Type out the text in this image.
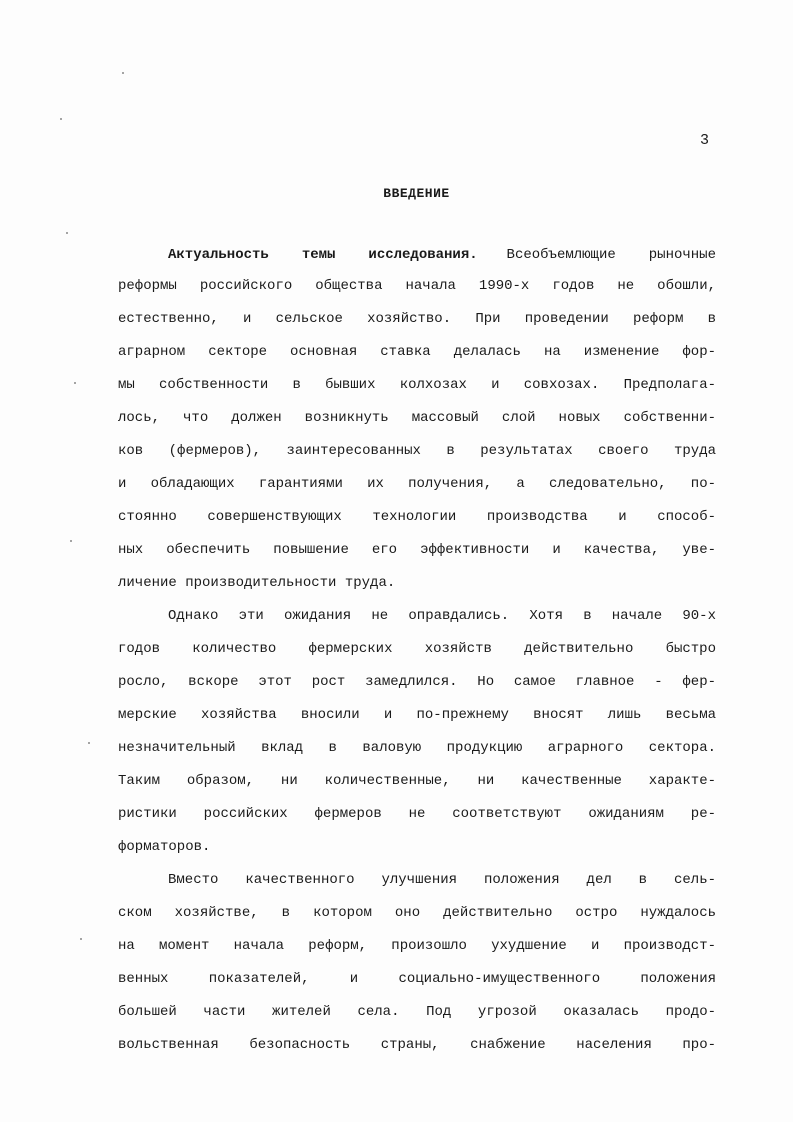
3
ВВЕДЕНИЕ
Актуальность темы исследования. Всеобъемлющие рыночные
реформы российского общества начала 1990-х годов не обошли,
естественно, и сельское хозяйство. При проведении реформ в
аграрном секторе основная ставка делалась на изменение фор-
мы собственности в бывших колхозах и совхозах. Предполага-
лось, что должен возникнуть массовый слой новых собственни-
ков (фермеров), заинтересованных в результатах своего труда
и обладающих гарантиями их получения, а следовательно, по-
стоянно совершенствующих технологии производства и способ-
ных обеспечить повышение его эффективности и качества, уве-
личение производительности труда.
Однако эти ожидания не оправдались. Хотя в начале 90-х
годов количество фермерских хозяйств действительно быстро
росло, вскоре этот рост замедлился. Но самое главное - фер-
мерские хозяйства вносили и по-прежнему вносят лишь весьма
незначительный вклад в валовую продукцию аграрного сектора.
Таким образом, ни количественные, ни качественные характе-
ристики российских фермеров не соответствуют ожиданиям ре-
форматоров.
Вместо качественного улучшения положения дел в сель-
ском хозяйстве, в котором оно действительно остро нуждалось
на момент начала реформ, произошло ухудшение и производст-
венных показателей, и социально-имущественного положения
большей части жителей села. Под угрозой оказалась продо-
вольственная безопасность страны, снабжение населения про-
